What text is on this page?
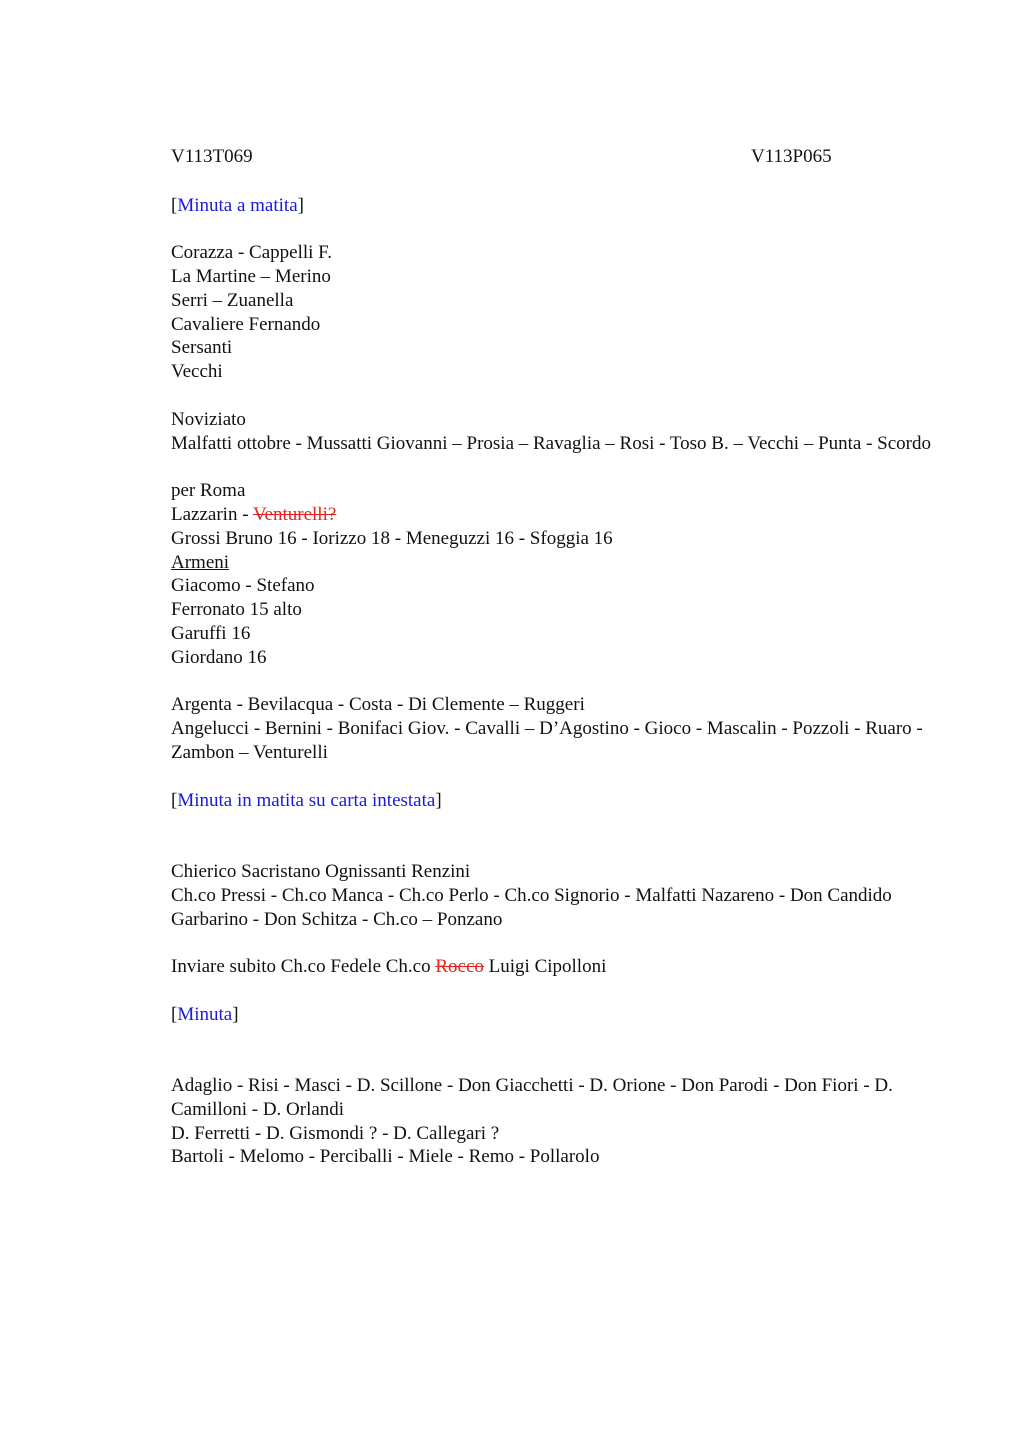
V113T069	V113P065
[Minuta a matita]
Corazza - Cappelli F.
La Martine – Merino
Serri – Zuanella
Cavaliere Fernando
Sersanti
Vecchi
Noviziato
Malfatti ottobre - Mussatti Giovanni – Prosia – Ravaglia – Rosi - Toso B. – Vecchi – Punta - Scordo
per Roma
Lazzarin - Venturelli?
Grossi Bruno 16 - Iorizzo 18 - Meneguzzi 16 - Sfoggia 16
Armeni
Giacomo - Stefano
Ferronato 15 alto
Garuffi 16
Giordano 16
Argenta - Bevilacqua - Costa - Di Clemente – Ruggeri
Angelucci - Bernini - Bonifaci Giov. - Cavalli – D’Agostino - Gioco - Mascalin - Pozzoli - Ruaro - Zambon – Venturelli
[Minuta in matita su carta intestata]
Chierico Sacristano Ognissanti Renzini
Ch.co Pressi - Ch.co Manca - Ch.co Perlo - Ch.co Signorio - Malfatti Nazareno - Don Candido Garbarino - Don Schitza - Ch.co – Ponzano
Inviare subito Ch.co Fedele Ch.co Rocco Luigi Cipolloni
[Minuta]
Adaglio - Risi - Masci - D. Scillone - Don Giacchetti - D. Orione - Don Parodi - Don Fiori - D. Camilloni - D. Orlandi
D. Ferretti - D. Gismondi ? - D. Callegari ?
Bartoli - Melomo - Perciballi - Miele - Remo - Pollarolo
